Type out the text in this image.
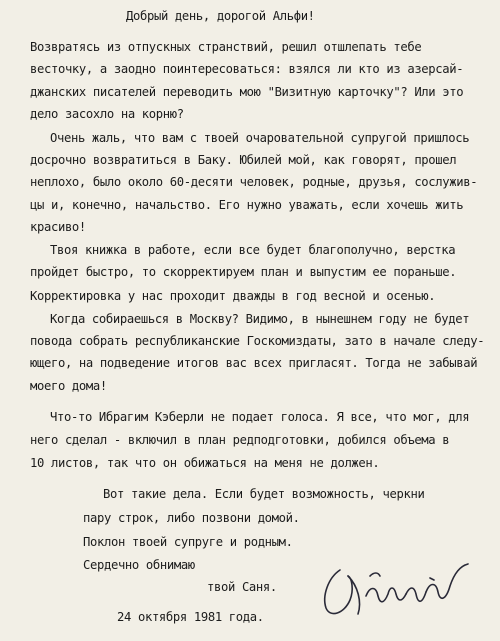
Добрый день, дорогой Альфи!
Возвратясь из отпускных странствий, решил отшлепать тебе
весточку, а заодно поинтересоваться: взялся ли кто из азерсай-
джанских писателей переводить мою "Визитную карточку"? Или это
дело засохло на корню?
Очень жаль, что вам с твоей очаровательной супругой пришлось
досрочно возвратиться в Баку. Юбилей мой, как говорят, прошел
неплохо, было около 60-десяти человек, родные, друзья, сослужив-
цы и, конечно, начальство. Его нужно уважать, если хочешь жить
красиво!
Твоя книжка в работе, если все будет благополучно, верстка
пройдет быстро, то скорректируем план и выпустим ее пораньше.
Корректировка у нас проходит дважды в год весной и осенью.
Когда собираешься в Москву? Видимо, в нынешнем году не будет
повода собрать республиканские Госкомиздаты, зато в начале следу-
ющего, на подведение итогов вас всех пригласят. Тогда не забывай
моего дома!
Что-то Ибрагим Кэберли не подает голоса. Я все, что мог, для
него сделал - включил в план редподготовки, добился объема в
10 листов, так что он обижаться на меня не должен.
Вот такие дела. Если будет возможность, черкни
пару строк, либо позвони домой.
Поклон твоей супруге и родным.
Сердечно обнимаю
твой Саня.
24 октября 1981 года.
